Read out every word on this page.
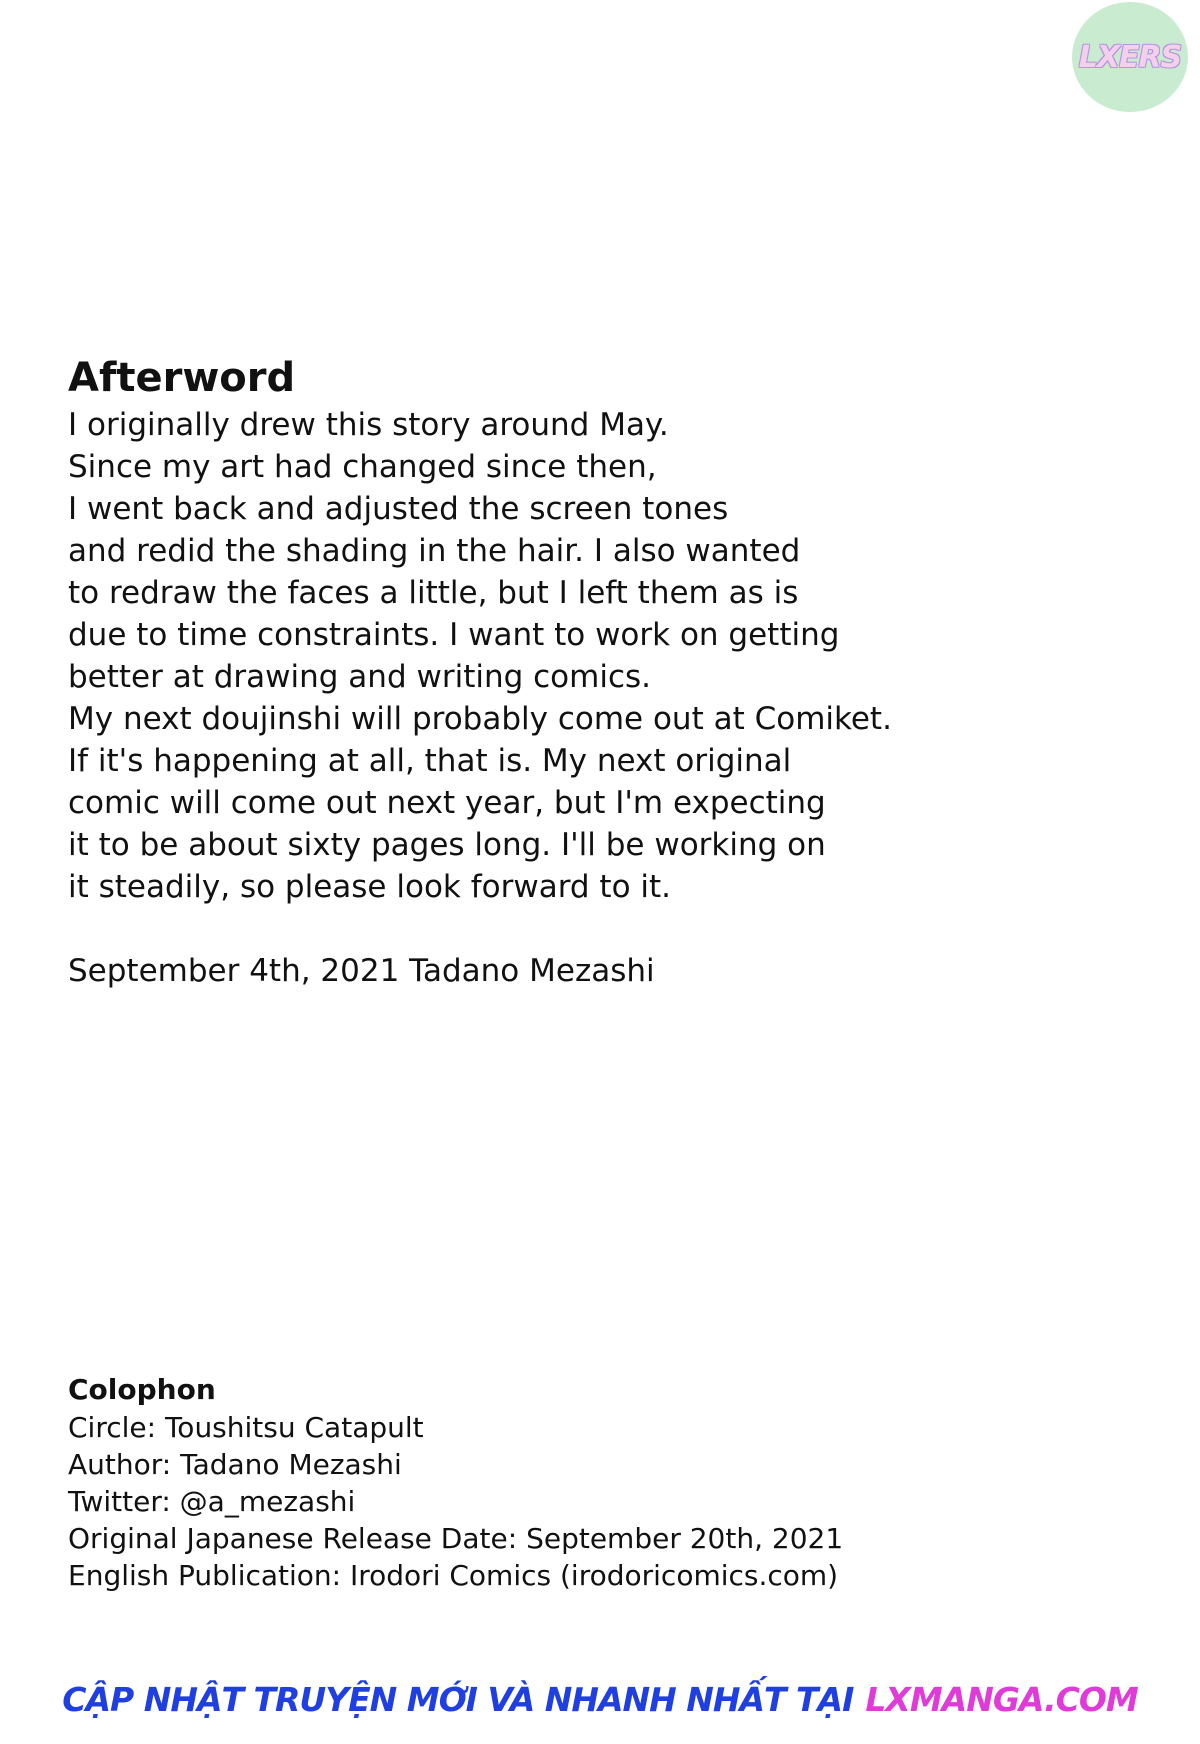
LXERS
Afterword
I originally drew this story around May.
Since my art had changed since then,
I went back and adjusted the screen tones
and redid the shading in the hair. I also wanted
to redraw the faces a little, but I left them as is
due to time constraints. I want to work on getting
better at drawing and writing comics.
My next doujinshi will probably come out at Comiket.
If it's happening at all, that is. My next original
comic will come out next year, but I'm expecting
it to be about sixty pages long. I'll be working on
it steadily, so please look forward to it.
September 4th, 2021 Tadano Mezashi
Colophon
Circle: Toushitsu Catapult
Author: Tadano Mezashi
Twitter: @a_mezashi
Original Japanese Release Date: September 20th, 2021
English Publication: Irodori Comics (irodoricomics.com)
CẬP NHẬT TRUYỆN MỚI VÀ NHANH NHẤT TẠI LXMANGA.COM
